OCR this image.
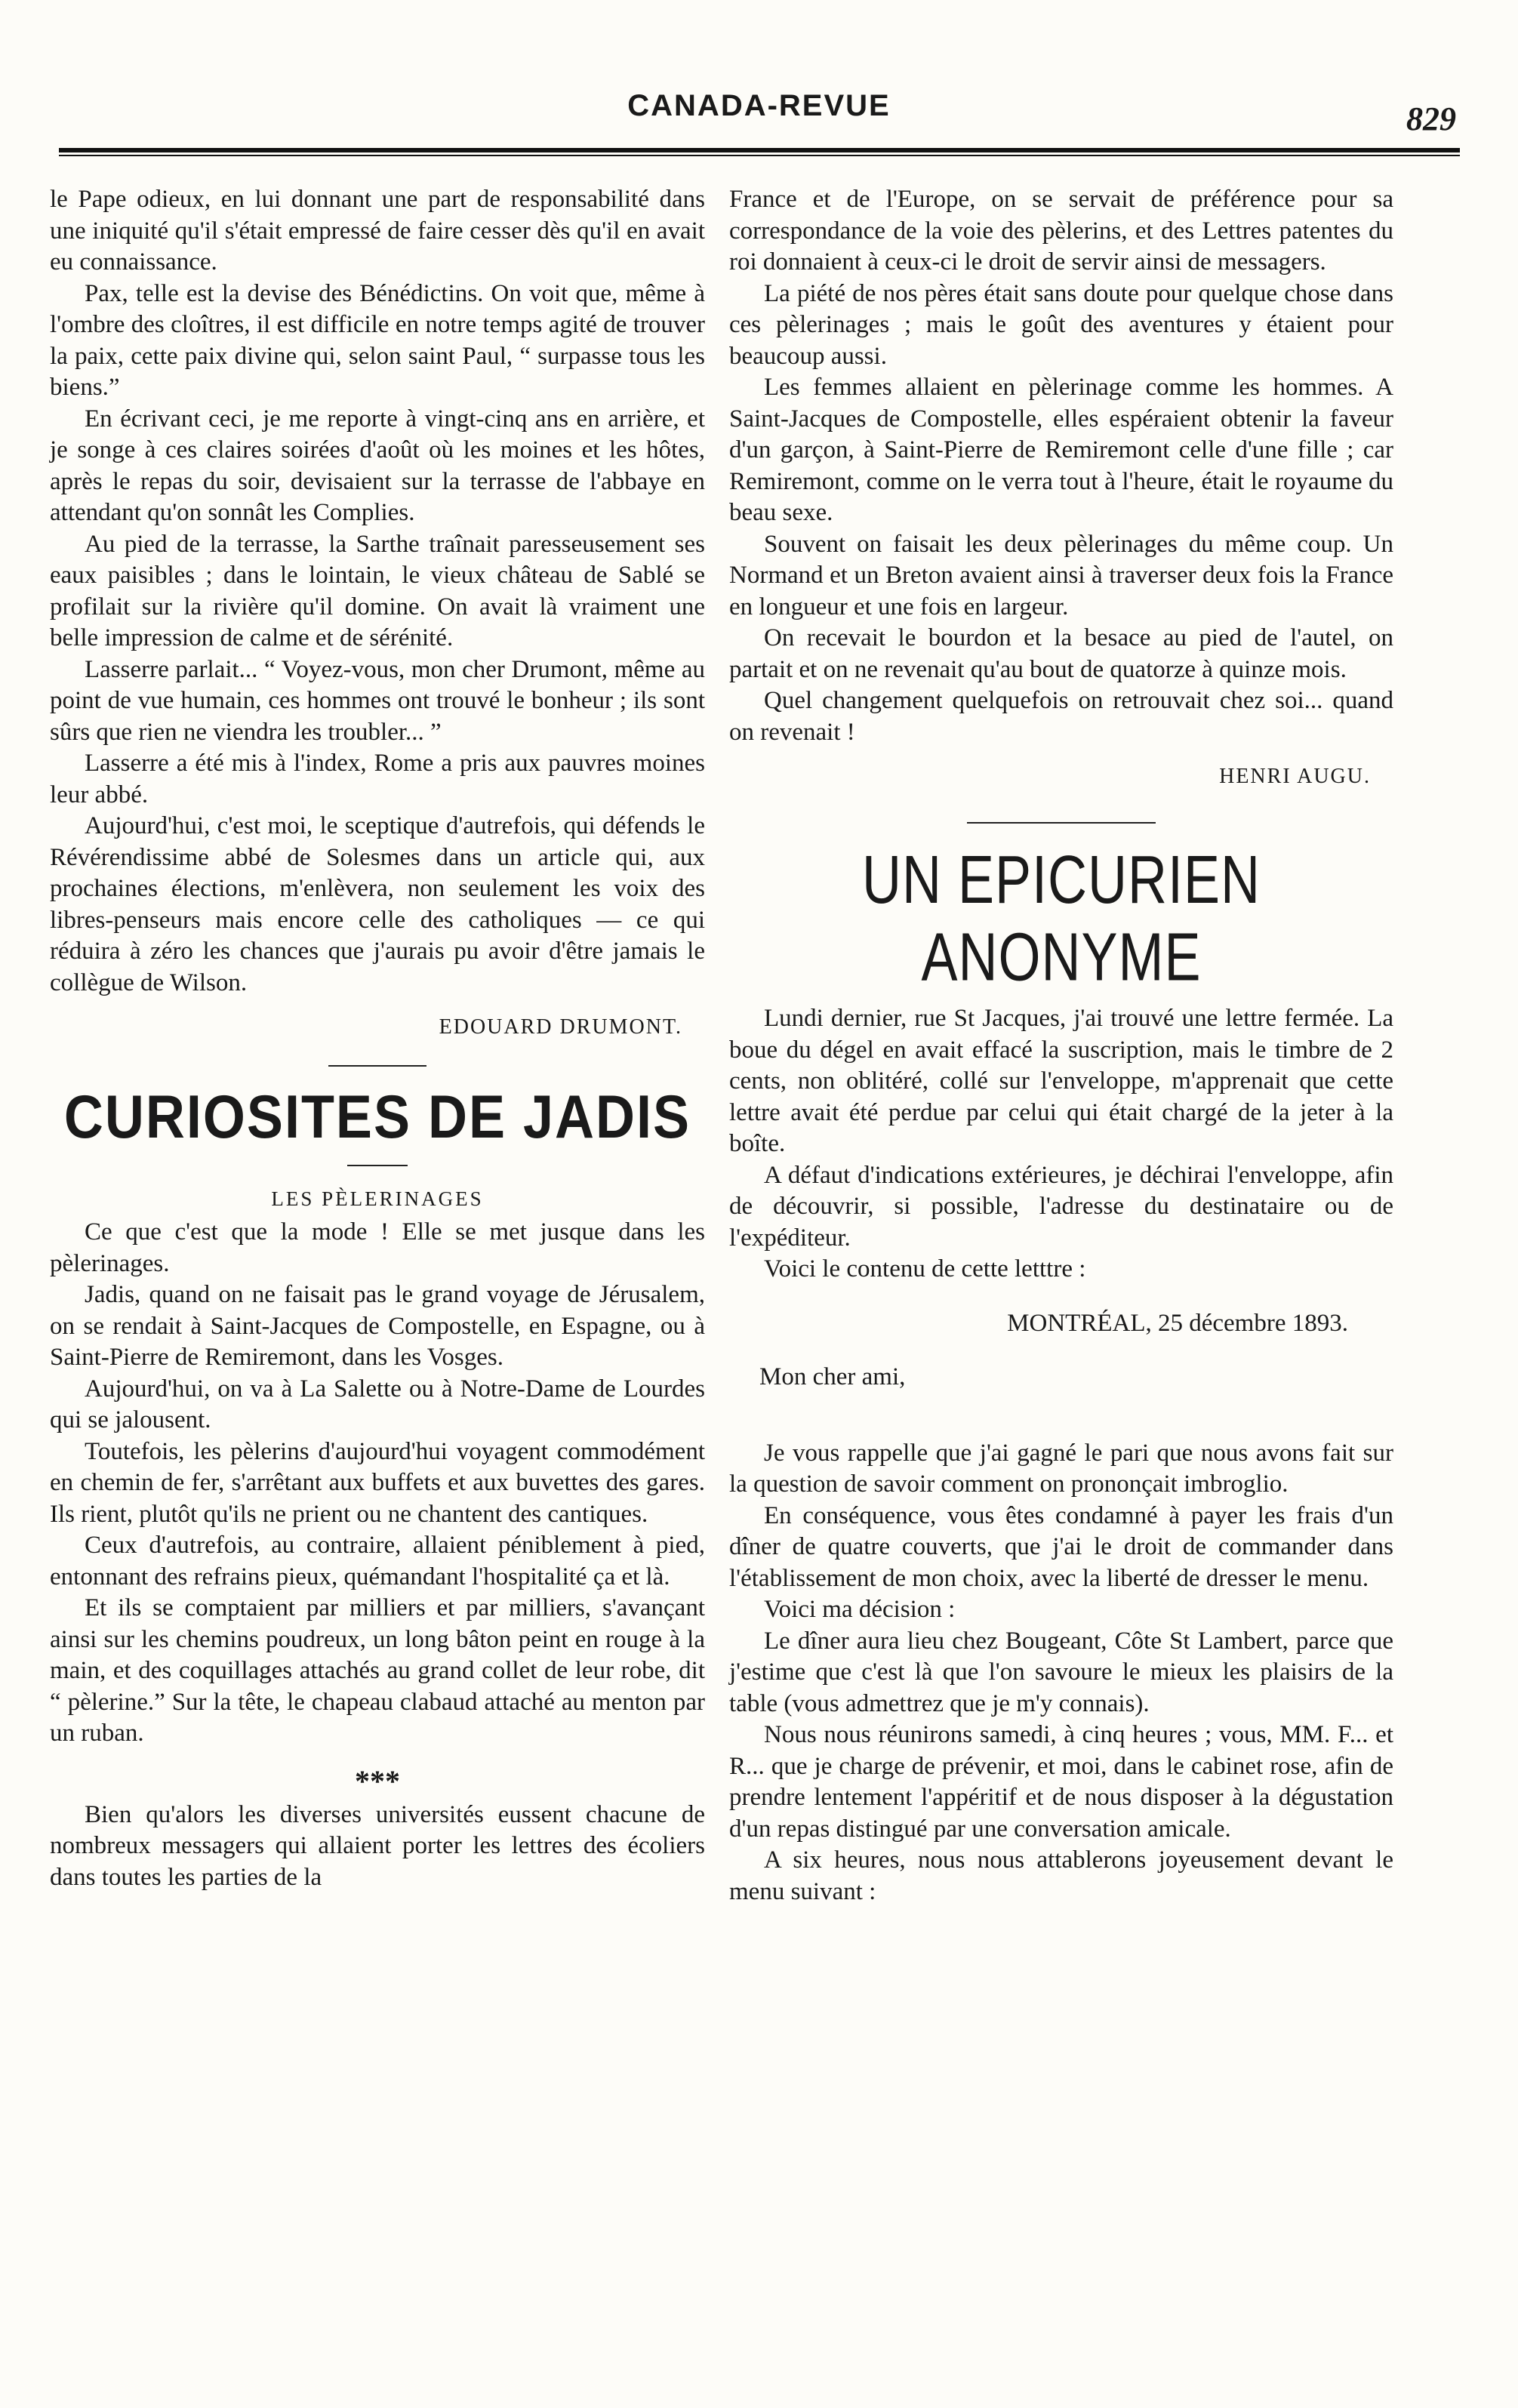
CANADA-REVUE	829

le Pape odieux, en lui donnant une part de responsabilité dans une iniquité qu'il s'était empressé de faire cesser dès qu'il en avait eu connaissance.

Pax, telle est la devise des Bénédictins. On voit que, même à l'ombre des cloîtres, il est difficile en notre temps agité de trouver la paix, cette paix divine qui, selon saint Paul, “ surpasse tous les biens.”

En écrivant ceci, je me reporte à vingt-cinq ans en arrière, et je songe à ces claires soirées d'août où les moines et les hôtes, après le repas du soir, devisaient sur la terrasse de l'abbaye en attendant qu'on sonnât les Complies.

Au pied de la terrasse, la Sarthe traînait paresseusement ses eaux paisibles ; dans le lointain, le vieux château de Sablé se profilait sur la rivière qu'il domine. On avait là vraiment une belle impression de calme et de sérénité.

Lasserre parlait... “ Voyez-vous, mon cher Drumont, même au point de vue humain, ces hommes ont trouvé le bonheur ; ils sont sûrs que rien ne viendra les troubler... ”

Lasserre a été mis à l'index, Rome a pris aux pauvres moines leur abbé.

Aujourd'hui, c'est moi, le sceptique d'autrefois, qui défends le Révérendissime abbé de Solesmes dans un article qui, aux prochaines élections, m'enlèvera, non seulement les voix des libres-penseurs mais encore celle des catholiques — ce qui réduira à zéro les chances que j'aurais pu avoir d'être jamais le collègue de Wilson.

EDOUARD DRUMONT.
CURIOSITES DE JADIS
LES PÈLERINAGES

Ce que c'est que la mode ! Elle se met jusque dans les pèlerinages.

Jadis, quand on ne faisait pas le grand voyage de Jérusalem, on se rendait à Saint-Jacques de Compostelle, en Espagne, ou à Saint-Pierre de Remiremont, dans les Vosges.

Aujourd'hui, on va à La Salette ou à Notre-Dame de Lourdes qui se jalousent.

Toutefois, les pèlerins d'aujourd'hui voyagent commodément en chemin de fer, s'arrêtant aux buffets et aux buvettes des gares. Ils rient, plutôt qu'ils ne prient ou ne chantent des cantiques.

Ceux d'autrefois, au contraire, allaient péniblement à pied, entonnant des refrains pieux, quémandant l'hospitalité ça et là.

Et ils se comptaient par milliers et par milliers, s'avançant ainsi sur les chemins poudreux, un long bâton peint en rouge à la main, et des coquillages attachés au grand collet de leur robe, dit “ pèlerine.” Sur la tête, le chapeau clabaud attaché au menton par un ruban.

***

Bien qu'alors les diverses universités eussent chacune de nombreux messagers qui allaient porter les lettres des écoliers dans toutes les parties de la

France et de l'Europe, on se servait de préférence pour sa correspondance de la voie des pèlerins, et des Lettres patentes du roi donnaient à ceux-ci le droit de servir ainsi de messagers.

La piété de nos pères était sans doute pour quelque chose dans ces pèlerinages ; mais le goût des aventures y étaient pour beaucoup aussi.

Les femmes allaient en pèlerinage comme les hommes. A Saint-Jacques de Compostelle, elles espéraient obtenir la faveur d'un garçon, à Saint-Pierre de Remiremont celle d'une fille ; car Remiremont, comme on le verra tout à l'heure, était le royaume du beau sexe.

Souvent on faisait les deux pèlerinages du même coup. Un Normand et un Breton avaient ainsi à traverser deux fois la France en longueur et une fois en largeur.

On recevait le bourdon et la besace au pied de l'autel, on partait et on ne revenait qu'au bout de quatorze à quinze mois.

Quel changement quelquefois on retrouvait chez soi... quand on revenait !

HENRI AUGU.
UN EPICURIEN ANONYME

Lundi dernier, rue St Jacques, j'ai trouvé une lettre fermée. La boue du dégel en avait effacé la suscription, mais le timbre de 2 cents, non oblitéré, collé sur l'enveloppe, m'apprenait que cette lettre avait été perdue par celui qui était chargé de la jeter à la boîte.

A défaut d'indications extérieures, je déchirai l'enveloppe, afin de découvrir, si possible, l'adresse du destinataire ou de l'expéditeur.

Voici le contenu de cette letttre :

MONTRÉAL, 25 décembre 1893.
Mon cher ami,

Je vous rappelle que j'ai gagné le pari que nous avons fait sur la question de savoir comment on prononçait imbroglio.

En conséquence, vous êtes condamné à payer les frais d'un dîner de quatre couverts, que j'ai le droit de commander dans l'établissement de mon choix, avec la liberté de dresser le menu.

Voici ma décision :

Le dîner aura lieu chez Bougeant, Côte St Lambert, parce que j'estime que c'est là que l'on savoure le mieux les plaisirs de la table (vous admettrez que je m'y connais).

Nous nous réunirons samedi, à cinq heures ; vous, MM. F... et R... que je charge de prévenir, et moi, dans le cabinet rose, afin de prendre lentement l'appéritif et de nous disposer à la dégustation d'un repas distingué par une conversation amicale.

A six heures, nous nous attablerons joyeusement devant le menu suivant :
